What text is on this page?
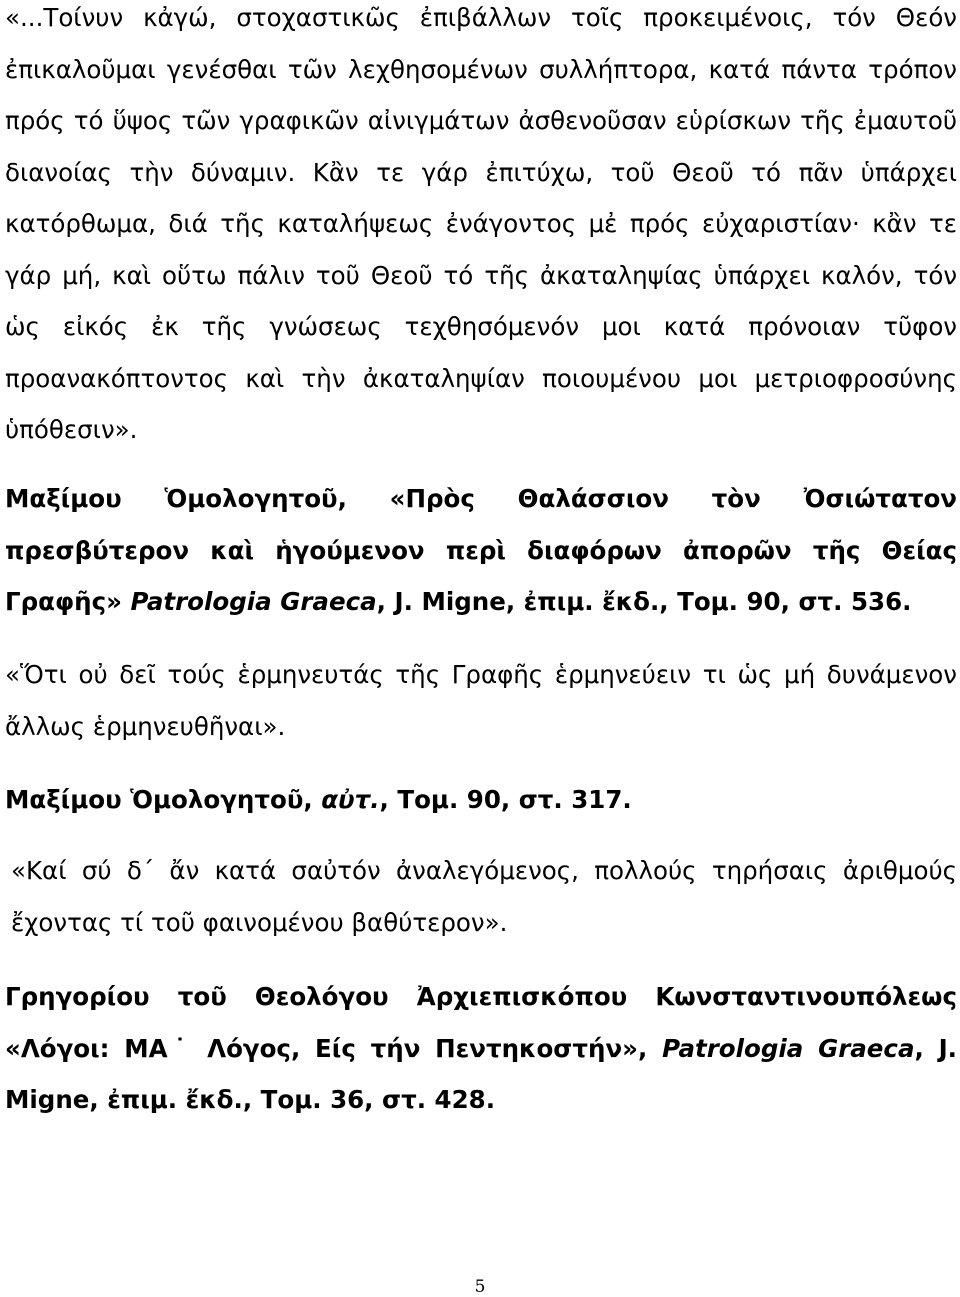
«...Τοίνυν κἀγώ, στοχαστικῶς ἐπιβάλλων τοῖς προκειμένοις, τόν Θεόν ἐπικαλοῦμαι γενέσθαι τῶν λεχθησομένων συλλήπτορα, κατά πάντα τρόπον πρός τό ὕψος τῶν γραφικῶν αἰνιγμάτων ἀσθενοῦσαν εὑρίσκων τῆς ἐμαυτοῦ διανοίας τὴν δύναμιν. Κἂν τε γάρ ἐπιτύχω, τοῦ Θεοῦ τό πᾶν ὑπάρχει κατόρθωμα, διά τῆς καταλήψεως ἐνάγοντος μἐ πρός εὐχαριστίαν· κἂν τε γάρ μή, καὶ οὕτω πάλιν τοῦ Θεοῦ τό τῆς ἀκαταληψίας ὑπάρχει καλόν, τόν ὡς εἰκός ἐκ τῆς γνώσεως τεχθησόμενόν μοι κατά πρόνοιαν τῦφον προανακόπτοντος καὶ τὴν ἀκαταληψίαν ποιουμένου μοι μετριοφροσύνης ὑπόθεσιν».

Μαξίμου Ὁμολογητοῦ, «Πρὸς Θαλάσσιον τὸν Ὀσιώτατον πρεσβύτερον καὶ ἡγούμενον περὶ διαφόρων ἀπορῶν τῆς Θείας Γραφῆς» Patrologia Graeca, J. Migne, ἐπιμ. ἔκδ., Τομ. 90, στ. 536.

«Ὅτι οὐ δεῖ τούς ἑρμηνευτάς τῆς Γραφῆς ἑρμηνεύειν τι ὡς μή δυνάμενον ἄλλως ἑρμηνευθῆναι».

Μαξίμου Ὁμολογητοῦ, αὐτ., Τομ. 90, στ. 317.

«Καί σύ δ΄ ἄν κατά σαὐτόν ἀναλεγόμενος, πολλούς τηρήσαις ἀριθμούς ἔχοντας τί τοῦ φαινομένου βαθύτερον».

Γρηγορίου τοῦ Θεολόγου Ἀρχιεπισκόπου Κωνσταντινουπόλεως «Λόγοι: ΜΑ˙ Λόγος, Είς τήν Πεντηκοστήν», Patrologia Graeca, J. Migne, ἐπιμ. ἔκδ., Τομ. 36, στ. 428.

5
